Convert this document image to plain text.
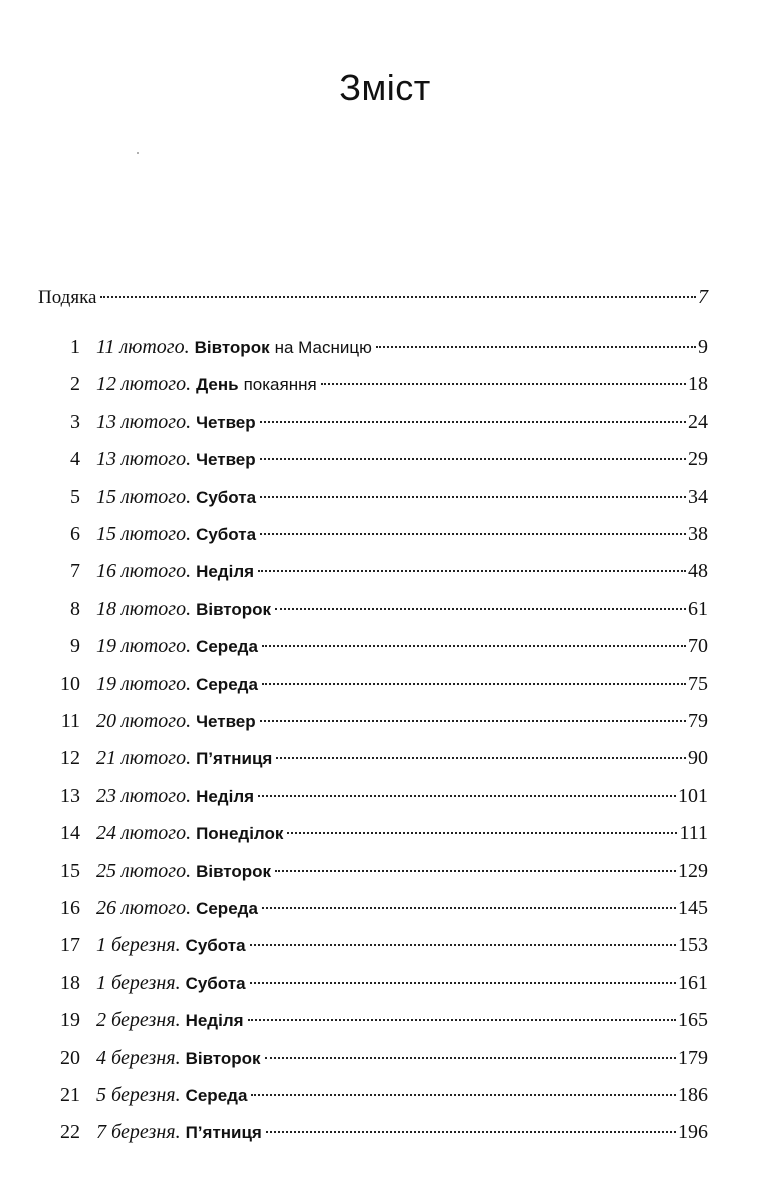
Зміст
Подяка	7
1 11 лютого. Вівторок на Масницю	9
2 12 лютого. День покаяння	18
3 13 лютого. Четвер	24
4 13 лютого. Четвер	29
5 15 лютого. Субота	34
6 15 лютого. Субота	38
7 16 лютого. Неділя	48
8 18 лютого. Вівторок	61
9 19 лютого. Середа	70
10 19 лютого. Середа	75
11 20 лютого. Четвер	79
12 21 лютого. П’ятниця	90
13 23 лютого. Неділя	101
14 24 лютого. Понеділок	111
15 25 лютого. Вівторок	129
16 26 лютого. Середа	145
17 1 березня. Субота	153
18 1 березня. Субота	161
19 2 березня. Неділя	165
20 4 березня. Вівторок	179
21 5 березня. Середа	186
22 7 березня. П’ятниця	196
